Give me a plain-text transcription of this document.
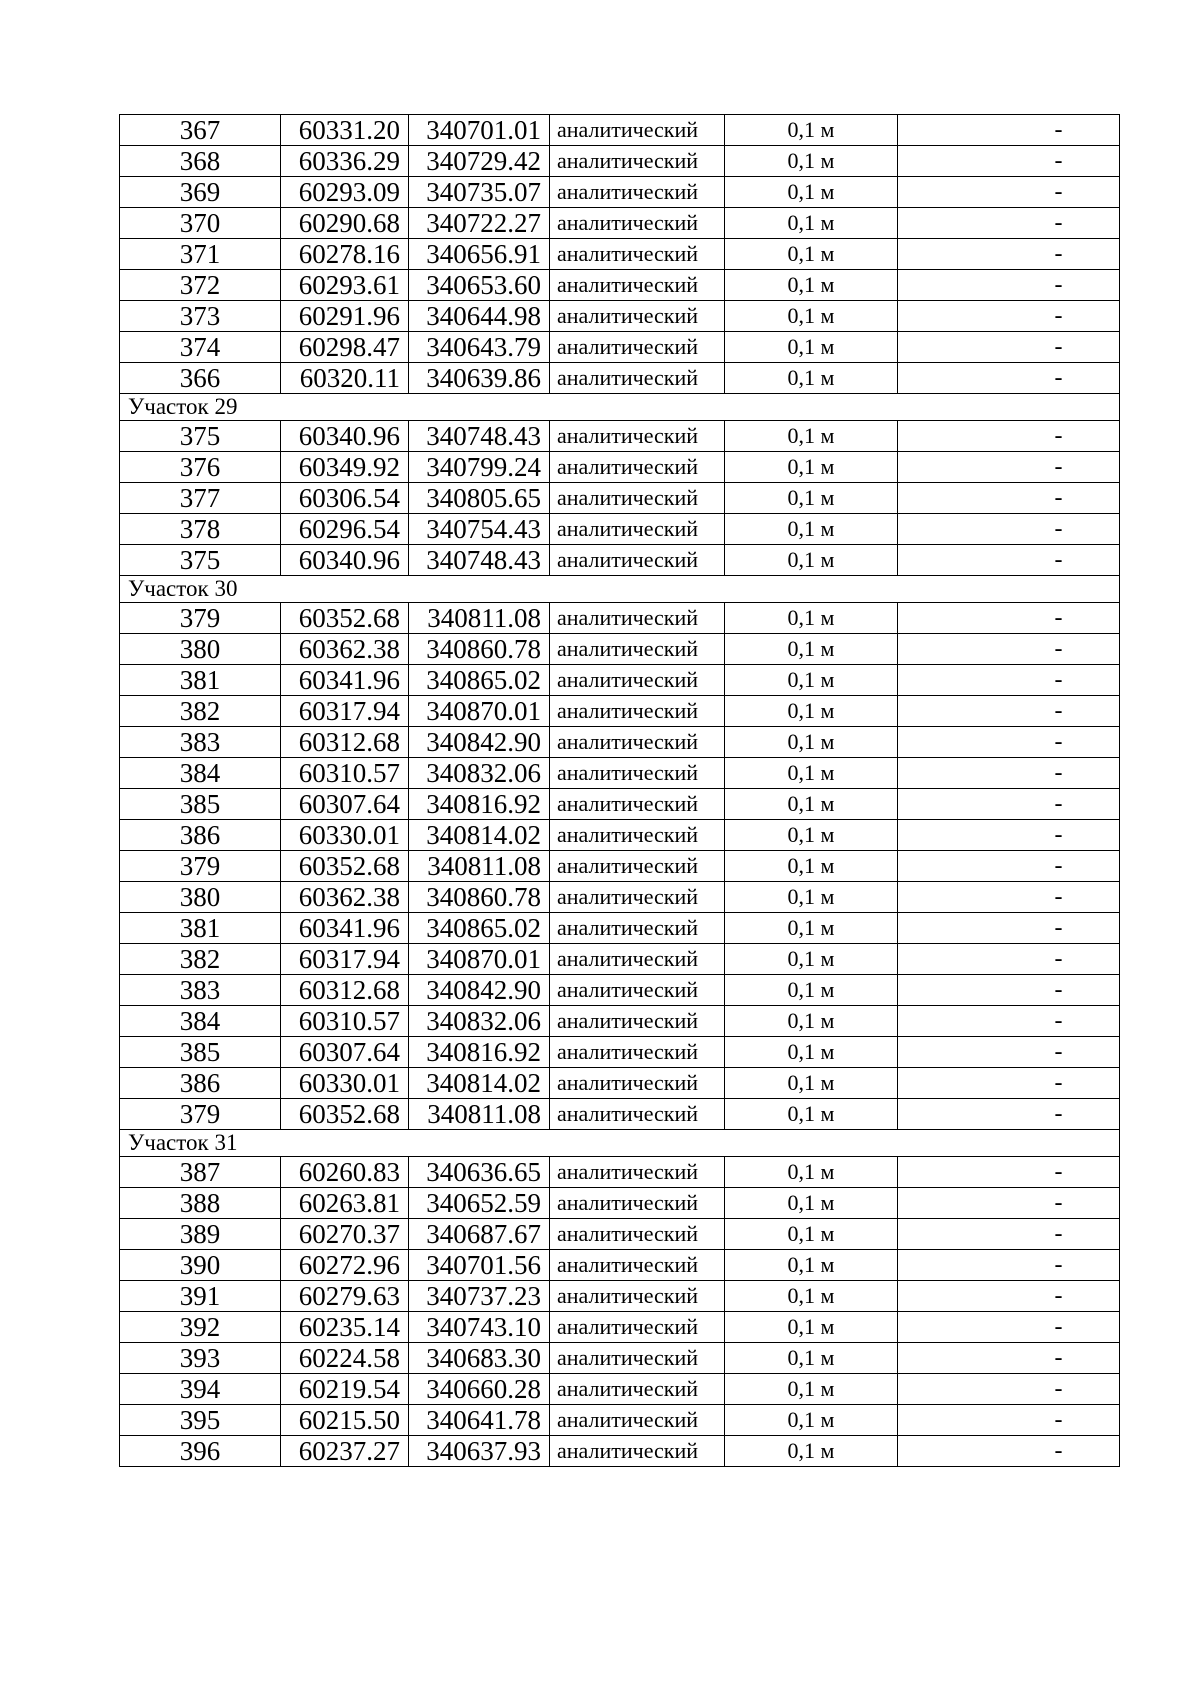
367	60331.20	340701.01	аналитический	0,1 м	-
368	60336.29	340729.42	аналитический	0,1 м	-
369	60293.09	340735.07	аналитический	0,1 м	-
370	60290.68	340722.27	аналитический	0,1 м	-
371	60278.16	340656.91	аналитический	0,1 м	-
372	60293.61	340653.60	аналитический	0,1 м	-
373	60291.96	340644.98	аналитический	0,1 м	-
374	60298.47	340643.79	аналитический	0,1 м	-
366	60320.11	340639.86	аналитический	0,1 м	-
Участок 29					
375	60340.96	340748.43	аналитический	0,1 м	-
376	60349.92	340799.24	аналитический	0,1 м	-
377	60306.54	340805.65	аналитический	0,1 м	-
378	60296.54	340754.43	аналитический	0,1 м	-
375	60340.96	340748.43	аналитический	0,1 м	-
Участок 30					
379	60352.68	340811.08	аналитический	0,1 м	-
380	60362.38	340860.78	аналитический	0,1 м	-
381	60341.96	340865.02	аналитический	0,1 м	-
382	60317.94	340870.01	аналитический	0,1 м	-
383	60312.68	340842.90	аналитический	0,1 м	-
384	60310.57	340832.06	аналитический	0,1 м	-
385	60307.64	340816.92	аналитический	0,1 м	-
386	60330.01	340814.02	аналитический	0,1 м	-
379	60352.68	340811.08	аналитический	0,1 м	-
380	60362.38	340860.78	аналитический	0,1 м	-
381	60341.96	340865.02	аналитический	0,1 м	-
382	60317.94	340870.01	аналитический	0,1 м	-
383	60312.68	340842.90	аналитический	0,1 м	-
384	60310.57	340832.06	аналитический	0,1 м	-
385	60307.64	340816.92	аналитический	0,1 м	-
386	60330.01	340814.02	аналитический	0,1 м	-
379	60352.68	340811.08	аналитический	0,1 м	-
Участок 31					
387	60260.83	340636.65	аналитический	0,1 м	-
388	60263.81	340652.59	аналитический	0,1 м	-
389	60270.37	340687.67	аналитический	0,1 м	-
390	60272.96	340701.56	аналитический	0,1 м	-
391	60279.63	340737.23	аналитический	0,1 м	-
392	60235.14	340743.10	аналитический	0,1 м	-
393	60224.58	340683.30	аналитический	0,1 м	-
394	60219.54	340660.28	аналитический	0,1 м	-
395	60215.50	340641.78	аналитический	0,1 м	-
396	60237.27	340637.93	аналитический	0,1 м	-
